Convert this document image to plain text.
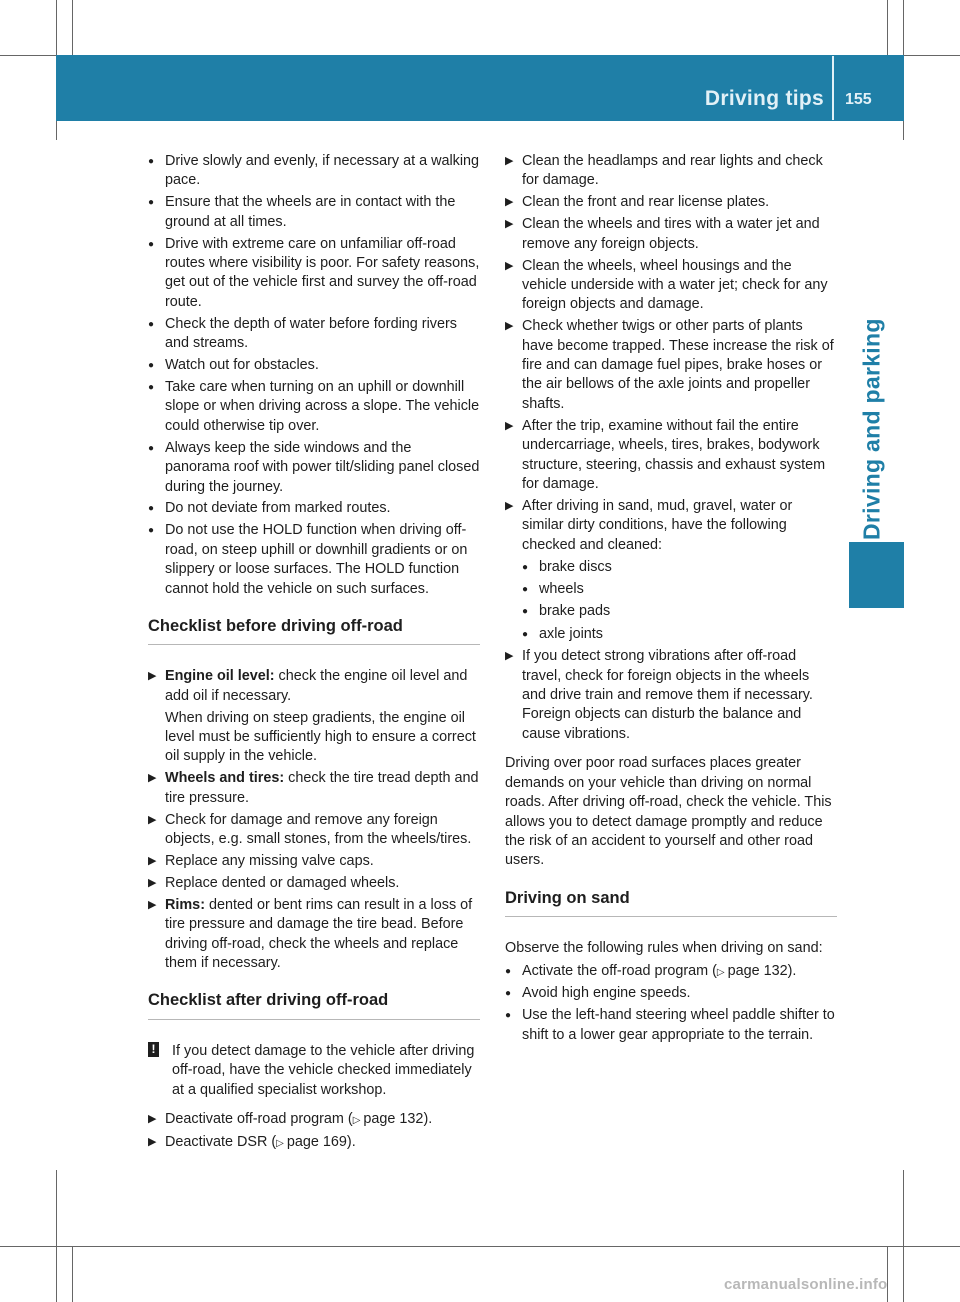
Driving tips 155
Driving and parking
● Drive slowly and evenly, if necessary at a walking pace.
● Ensure that the wheels are in contact with the ground at all times.
● Drive with extreme care on unfamiliar off-road routes where visibility is poor. For safety reasons, get out of the vehicle first and survey the off-road route.
● Check the depth of water before fording rivers and streams.
● Watch out for obstacles.
● Take care when turning on an uphill or downhill slope or when driving across a slope. The vehicle could otherwise tip over.
● Always keep the side windows and the panorama roof with power tilt/sliding panel closed during the journey.
● Do not deviate from marked routes.
● Do not use the HOLD function when driving off-road, on steep uphill or downhill gradients or on slippery or loose surfaces. The HOLD function cannot hold the vehicle on such surfaces.
Checklist before driving off-road
▶ Engine oil level: check the engine oil level and add oil if necessary.
When driving on steep gradients, the engine oil level must be sufficiently high to ensure a correct oil supply in the vehicle.
▶ Wheels and tires: check the tire tread depth and tire pressure.
▶ Check for damage and remove any foreign objects, e.g. small stones, from the wheels/tires.
▶ Replace any missing valve caps.
▶ Replace dented or damaged wheels.
▶ Rims: dented or bent rims can result in a loss of tire pressure and damage the tire bead. Before driving off-road, check the wheels and replace them if necessary.
Checklist after driving off-road
! If you detect damage to the vehicle after driving off-road, have the vehicle checked immediately at a qualified specialist workshop.
▶ Deactivate off-road program ( ▷ page 132).
▶ Deactivate DSR ( ▷ page 169).
▶ Clean the headlamps and rear lights and check for damage.
▶ Clean the front and rear license plates.
▶ Clean the wheels and tires with a water jet and remove any foreign objects.
▶ Clean the wheels, wheel housings and the vehicle underside with a water jet; check for any foreign objects and damage.
▶ Check whether twigs or other parts of plants have become trapped. These increase the risk of fire and can damage fuel pipes, brake hoses or the air bellows of the axle joints and propeller shafts.
▶ After the trip, examine without fail the entire undercarriage, wheels, tires, brakes, bodywork structure, steering, chassis and exhaust system for damage.
▶ After driving in sand, mud, gravel, water or similar dirty conditions, have the following checked and cleaned:
● brake discs
● wheels
● brake pads
● axle joints
▶ If you detect strong vibrations after off-road travel, check for foreign objects in the wheels and drive train and remove them if necessary. Foreign objects can disturb the balance and cause vibrations.
Driving over poor road surfaces places greater demands on your vehicle than driving on normal roads. After driving off-road, check the vehicle. This allows you to detect damage promptly and reduce the risk of an accident to yourself and other road users.
Driving on sand
Observe the following rules when driving on sand:
● Activate the off-road program ( ▷ page 132).
● Avoid high engine speeds.
● Use the left-hand steering wheel paddle shifter to shift to a lower gear appropriate to the terrain.
carmanualsonline.info
